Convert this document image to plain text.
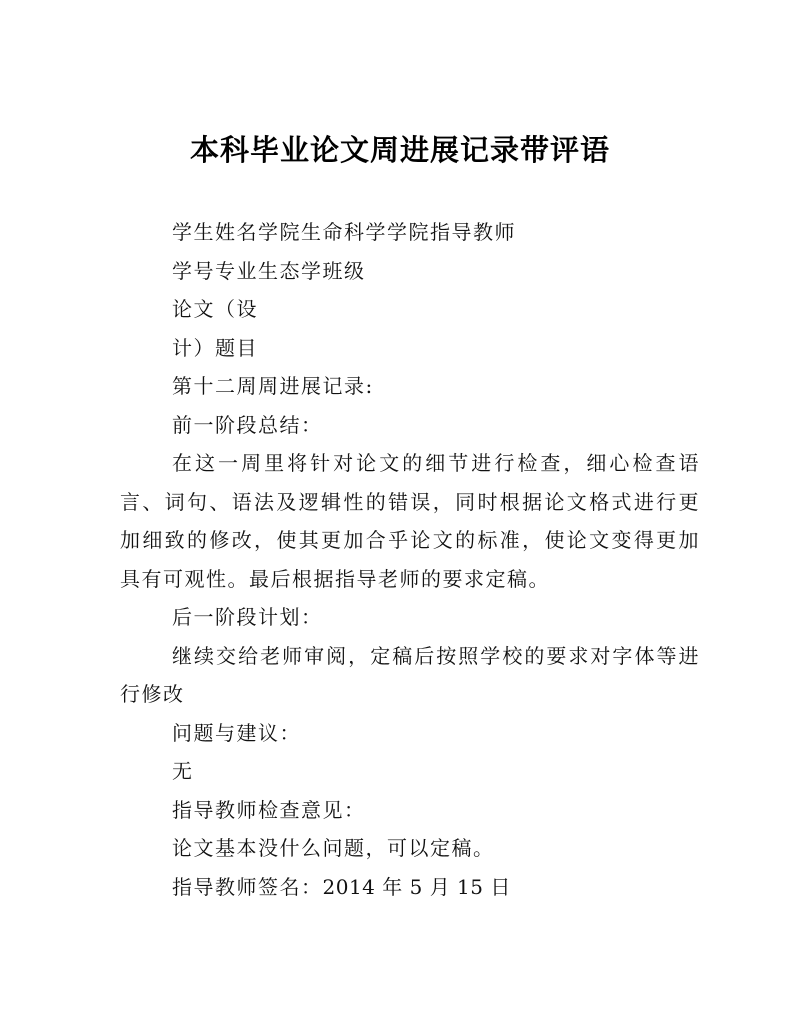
本科毕业论文周进展记录带评语

学生姓名学院生命科学学院指导教师

学号专业生态学班级

论文（设

计）题目

第十二周周进展记录:

前一阶段总结：

在这一周里将针对论文的细节进行检查，细心检查语言、词句、语法及逻辑性的错误，同时根据论文格式进行更加细致的修改，使其更加合乎论文的标准，使论文变得更加具有可观性。最后根据指导老师的要求定稿。

后一阶段计划：

继续交给老师审阅，定稿后按照学校的要求对字体等进行修改

问题与建议：

无

指导教师检查意见：

论文基本没什么问题，可以定稿。

指导教师签名：2014 年 5 月 15 日
